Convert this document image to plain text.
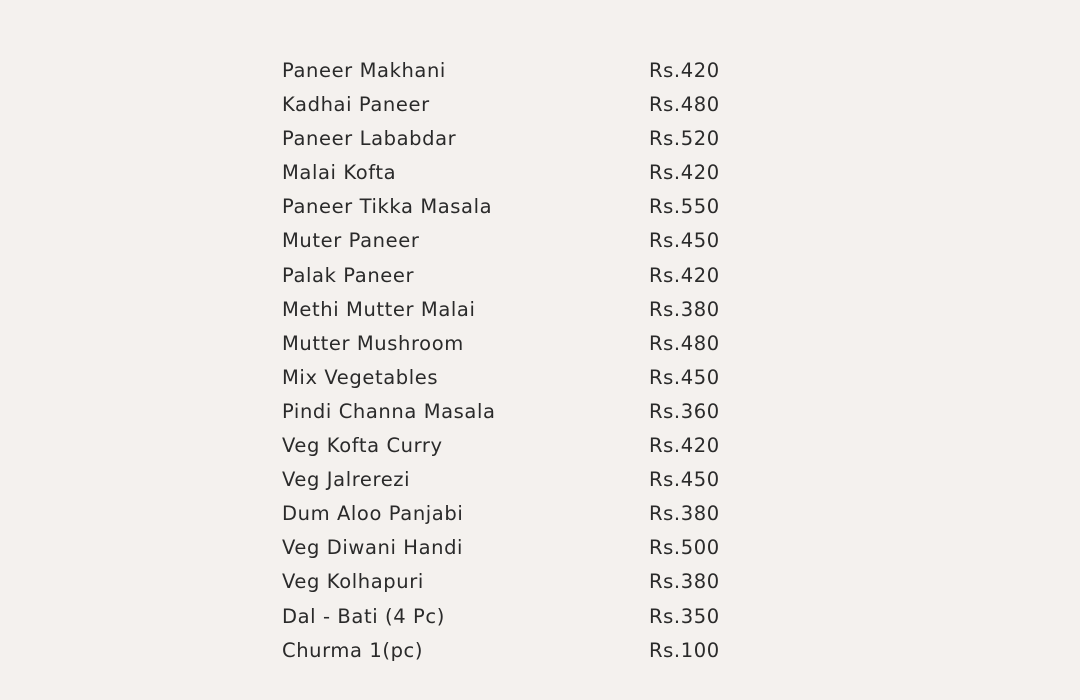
Paneer Makhani	Rs.420
Kadhai Paneer	Rs.480
Paneer Lababdar	Rs.520
Malai Kofta	Rs.420
Paneer Tikka Masala	Rs.550
Muter Paneer	Rs.450
Palak Paneer	Rs.420
Methi Mutter Malai	Rs.380
Mutter Mushroom	Rs.480
Mix Vegetables	Rs.450
Pindi Channa Masala	Rs.360
Veg Kofta Curry	Rs.420
Veg Jalrerezi	Rs.450
Dum Aloo Panjabi	Rs.380
Veg Diwani Handi	Rs.500
Veg Kolhapuri	Rs.380
Dal - Bati (4 Pc)	Rs.350
Churma 1(pc)	Rs.100
